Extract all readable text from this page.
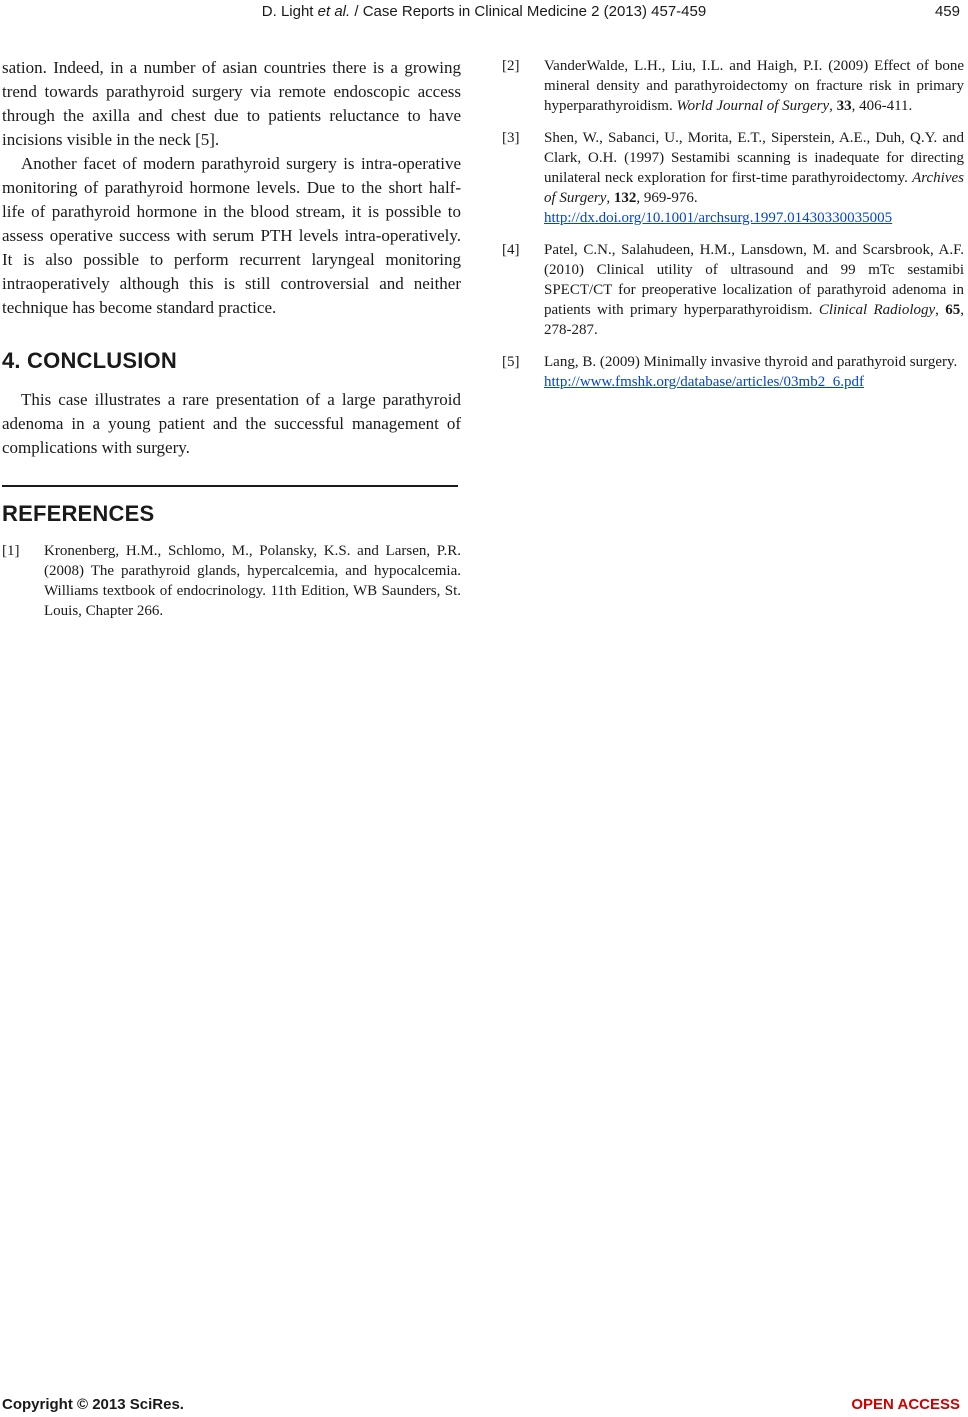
D. Light et al. / Case Reports in Clinical Medicine 2 (2013) 457-459	459

sation. Indeed, in a number of asian countries there is a growing trend towards parathyroid surgery via remote endoscopic access through the axilla and chest due to patients reluctance to have incisions visible in the neck [5].

Another facet of modern parathyroid surgery is intra-operative monitoring of parathyroid hormone levels. Due to the short half-life of parathyroid hormone in the blood stream, it is possible to assess operative success with serum PTH levels intra-operatively. It is also possible to perform recurrent laryngeal monitoring intraoperatively although this is still controversial and neither technique has become standard practice.

4. CONCLUSION

This case illustrates a rare presentation of a large parathyroid adenoma in a young patient and the successful management of complications with surgery.

REFERENCES
[1] Kronenberg, H.M., Schlomo, M., Polansky, K.S. and Larsen, P.R. (2008) The parathyroid glands, hypercalcemia, and hypocalcemia. Williams textbook of endocrinology. 11th Edition, WB Saunders, St. Louis, Chapter 266.
[2] VanderWalde, L.H., Liu, I.L. and Haigh, P.I. (2009) Effect of bone mineral density and parathyroidectomy on fracture risk in primary hyperparathyroidism. World Journal of Surgery, 33, 406-411.
[3] Shen, W., Sabanci, U., Morita, E.T., Siperstein, A.E., Duh, Q.Y. and Clark, O.H. (1997) Sestamibi scanning is inadequate for directing unilateral neck exploration for first-time parathyroidectomy. Archives of Surgery, 132, 969-976.
http://dx.doi.org/10.1001/archsurg.1997.01430330035005
[4] Patel, C.N., Salahudeen, H.M., Lansdown, M. and Scarsbrook, A.F. (2010) Clinical utility of ultrasound and 99 mTc sestamibi SPECT/CT for preoperative localization of parathyroid adenoma in patients with primary hyperparathyroidism. Clinical Radiology, 65, 278-287.
[5] Lang, B. (2009) Minimally invasive thyroid and parathyroid surgery.
http://www.fmshk.org/database/articles/03mb2_6.pdf
Copyright © 2013 SciRes.	OPEN ACCESS
